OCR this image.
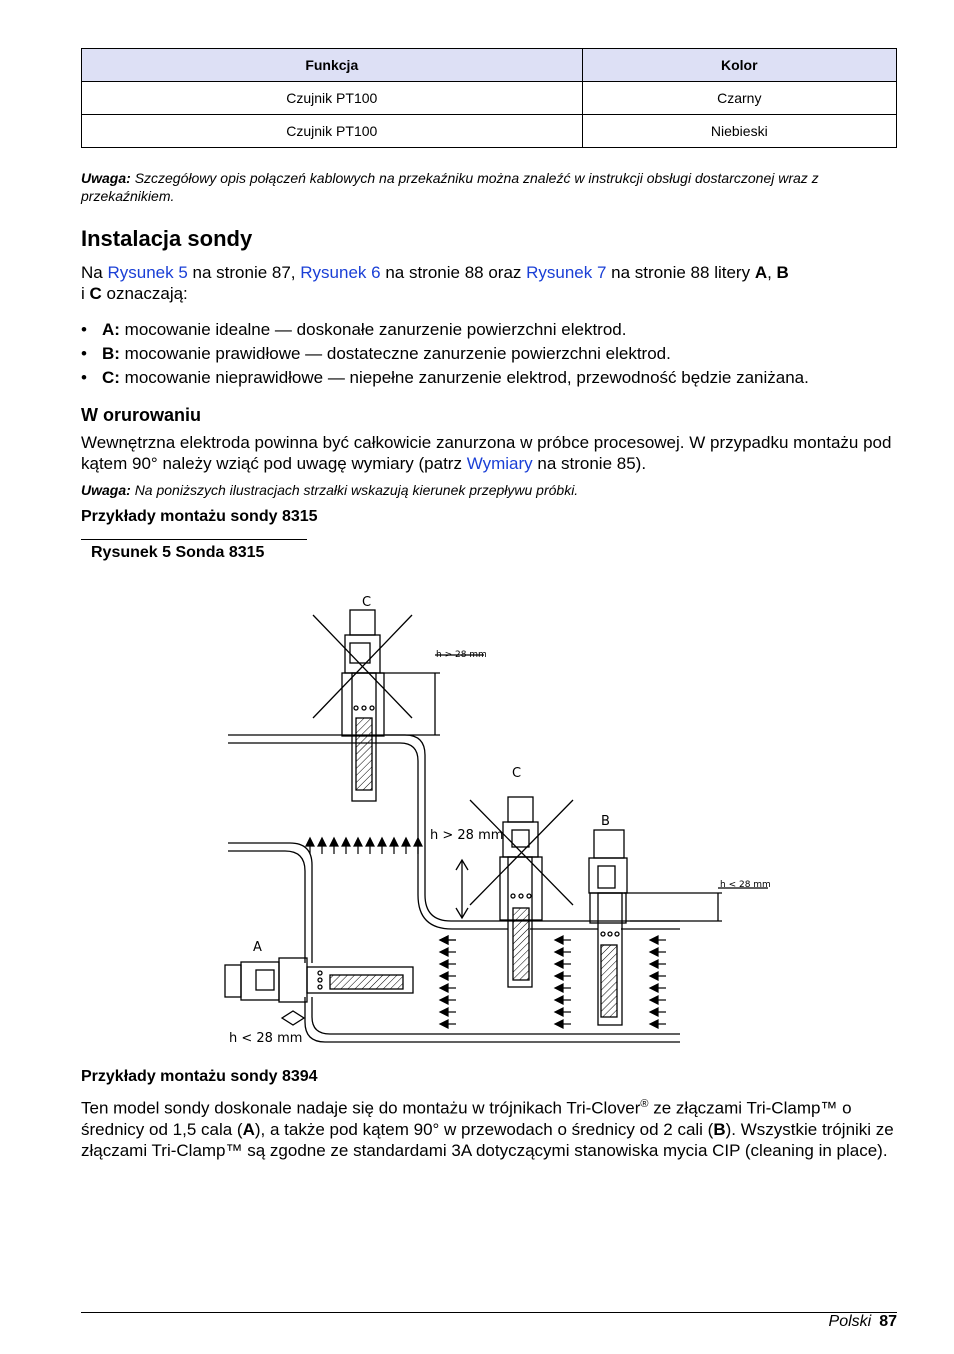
Funkcja	Kolor
Czujnik PT100	Czarny
Czujnik PT100	Niebieski
Uwaga: Szczegółowy opis połączeń kablowych na przekaźniku można znaleźć w instrukcji obsługi dostarczonej wraz z przekaźnikiem.
Instalacja sondy
Na Rysunek 5 na stronie 87, Rysunek 6 na stronie 88 oraz Rysunek 7 na stronie 88 litery A, B
i C oznaczają:
• A: mocowanie idealne — doskonałe zanurzenie powierzchni elektrod.
• B: mocowanie prawidłowe — dostateczne zanurzenie powierzchni elektrod.
• C: mocowanie nieprawidłowe — niepełne zanurzenie elektrod, przewodność będzie zaniżana.
W orurowaniu
Wewnętrzna elektroda powinna być całkowicie zanurzona w próbce procesowej. W przypadku montażu pod kątem 90° należy wziąć pod uwagę wymiary (patrz Wymiary na stronie 85).
Uwaga: Na poniższych ilustracjach strzałki wskazują kierunek przepływu próbki.
Przykłady montażu sondy 8315
Rysunek 5 Sonda 8315
C
C
B
A
h > 28 mm
h > 28 mm
h < 28 mm
h < 28 mm
Przykłady montażu sondy 8394
Ten model sondy doskonale nadaje się do montażu w trójnikach Tri-Clover® ze złączami Tri-Clamp™ o średnicy od 1,5 cala (A), a także pod kątem 90° w przewodach o średnicy od 2 cali (B). Wszystkie trójniki ze złączami Tri-Clamp™ są zgodne ze standardami 3A dotyczącymi stanowiska mycia CIP (cleaning in place).
Polski 87
